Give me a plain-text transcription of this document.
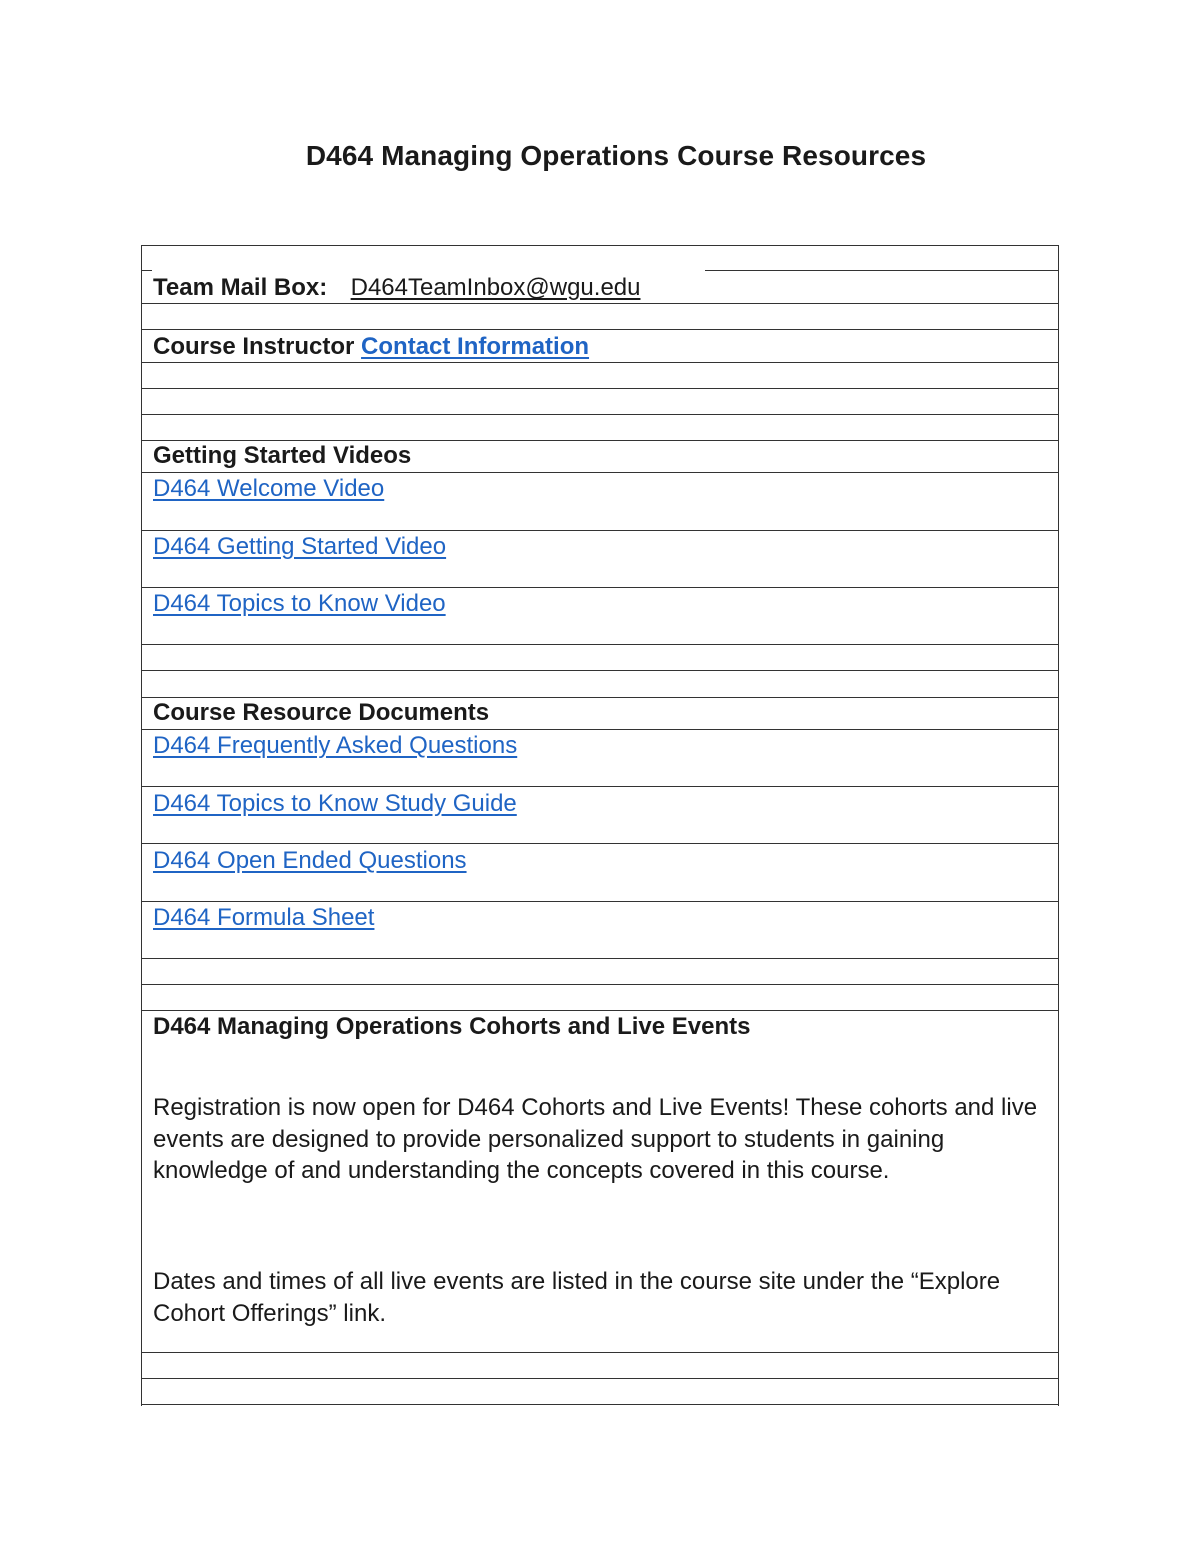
D464 Managing Operations Course Resources
Team Mail Box: D464TeamInbox@wgu.edu
Course Instructor Contact Information
Getting Started Videos
D464 Welcome Video
D464 Getting Started Video
D464 Topics to Know Video
Course Resource Documents
D464 Frequently Asked Questions
D464 Topics to Know Study Guide
D464 Open Ended Questions
D464 Formula Sheet
D464 Managing Operations Cohorts and Live Events
Registration is now open for D464 Cohorts and Live Events! These cohorts and live events are designed to provide personalized support to students in gaining knowledge of and understanding the concepts covered in this course.
Dates and times of all live events are listed in the course site under the “Explore Cohort Offerings” link.
